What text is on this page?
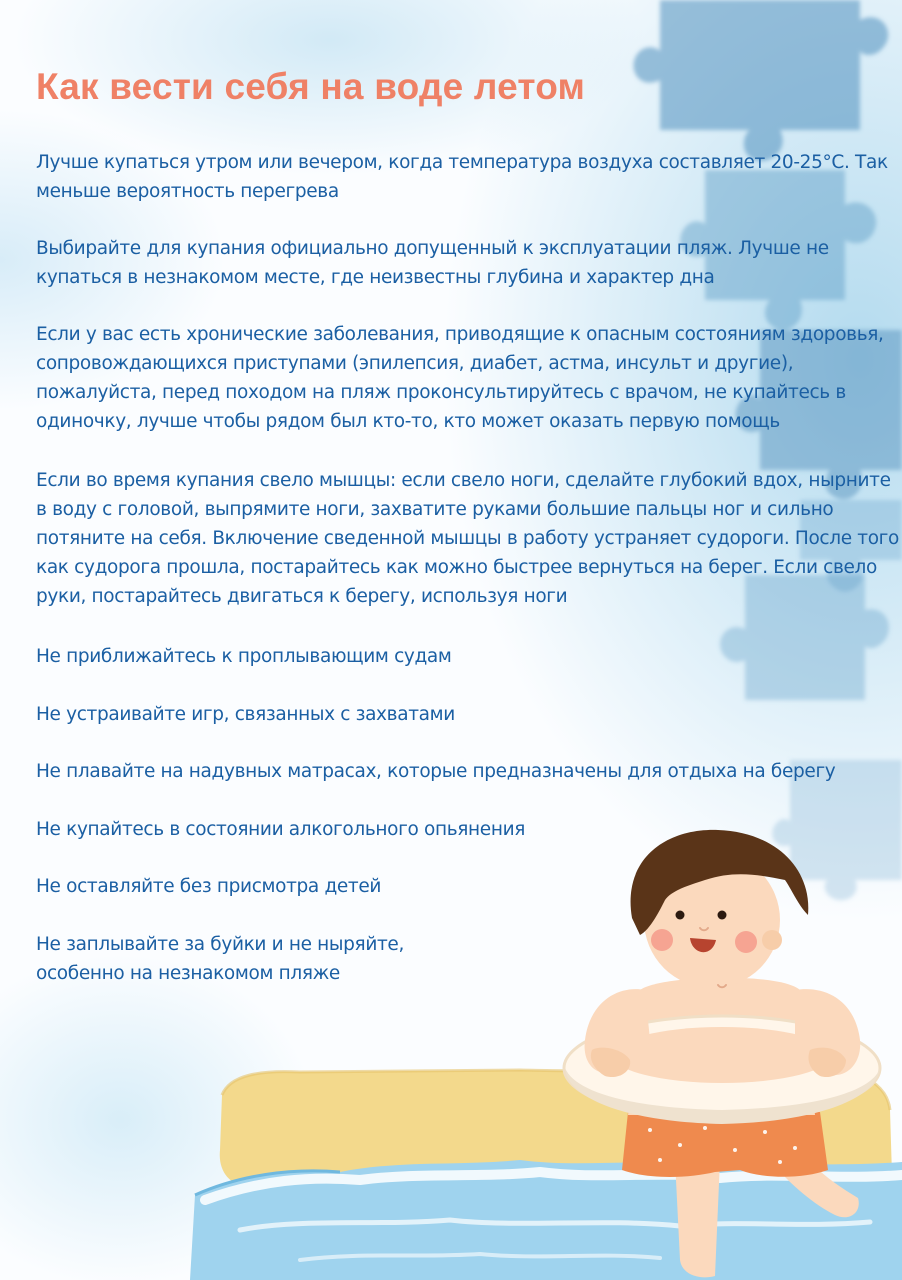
Как вести себя на воде летом

Лучше купаться утром или вечером, когда температура воздуха составляет 20-25°С. Так
меньше вероятность перегрева

Выбирайте для купания официально допущенный к эксплуатации пляж. Лучше не
купаться в незнакомом месте, где неизвестны глубина и характер дна

Если у вас есть хронические заболевания, приводящие к опасным состояниям здоровья,
сопровождающихся приступами (эпилепсия, диабет, астма, инсульт и другие),
пожалуйста, перед походом на пляж проконсультируйтесь с врачом, не купайтесь в
одиночку, лучше чтобы рядом был кто-то, кто может оказать первую помощь

Если во время купания свело мышцы: если свело ноги, сделайте глубокий вдох, нырните
в воду с головой, выпрямите ноги, захватите руками большие пальцы ног и сильно
потяните на себя. Включение сведенной мышцы в работу устраняет судороги. После того
как судорога прошла, постарайтесь как можно быстрее вернуться на берег. Если свело
руки, постарайтесь двигаться к берегу, используя ноги

Не приближайтесь к проплывающим судам

Не устраивайте игр, связанных с захватами

Не плавайте на надувных матрасах, которые предназначены для отдыха на берегу

Не купайтесь в состоянии алкогольного опьянения

Не оставляйте без присмотра детей

Не заплывайте за буйки и не ныряйте,
особенно на незнакомом пляже
